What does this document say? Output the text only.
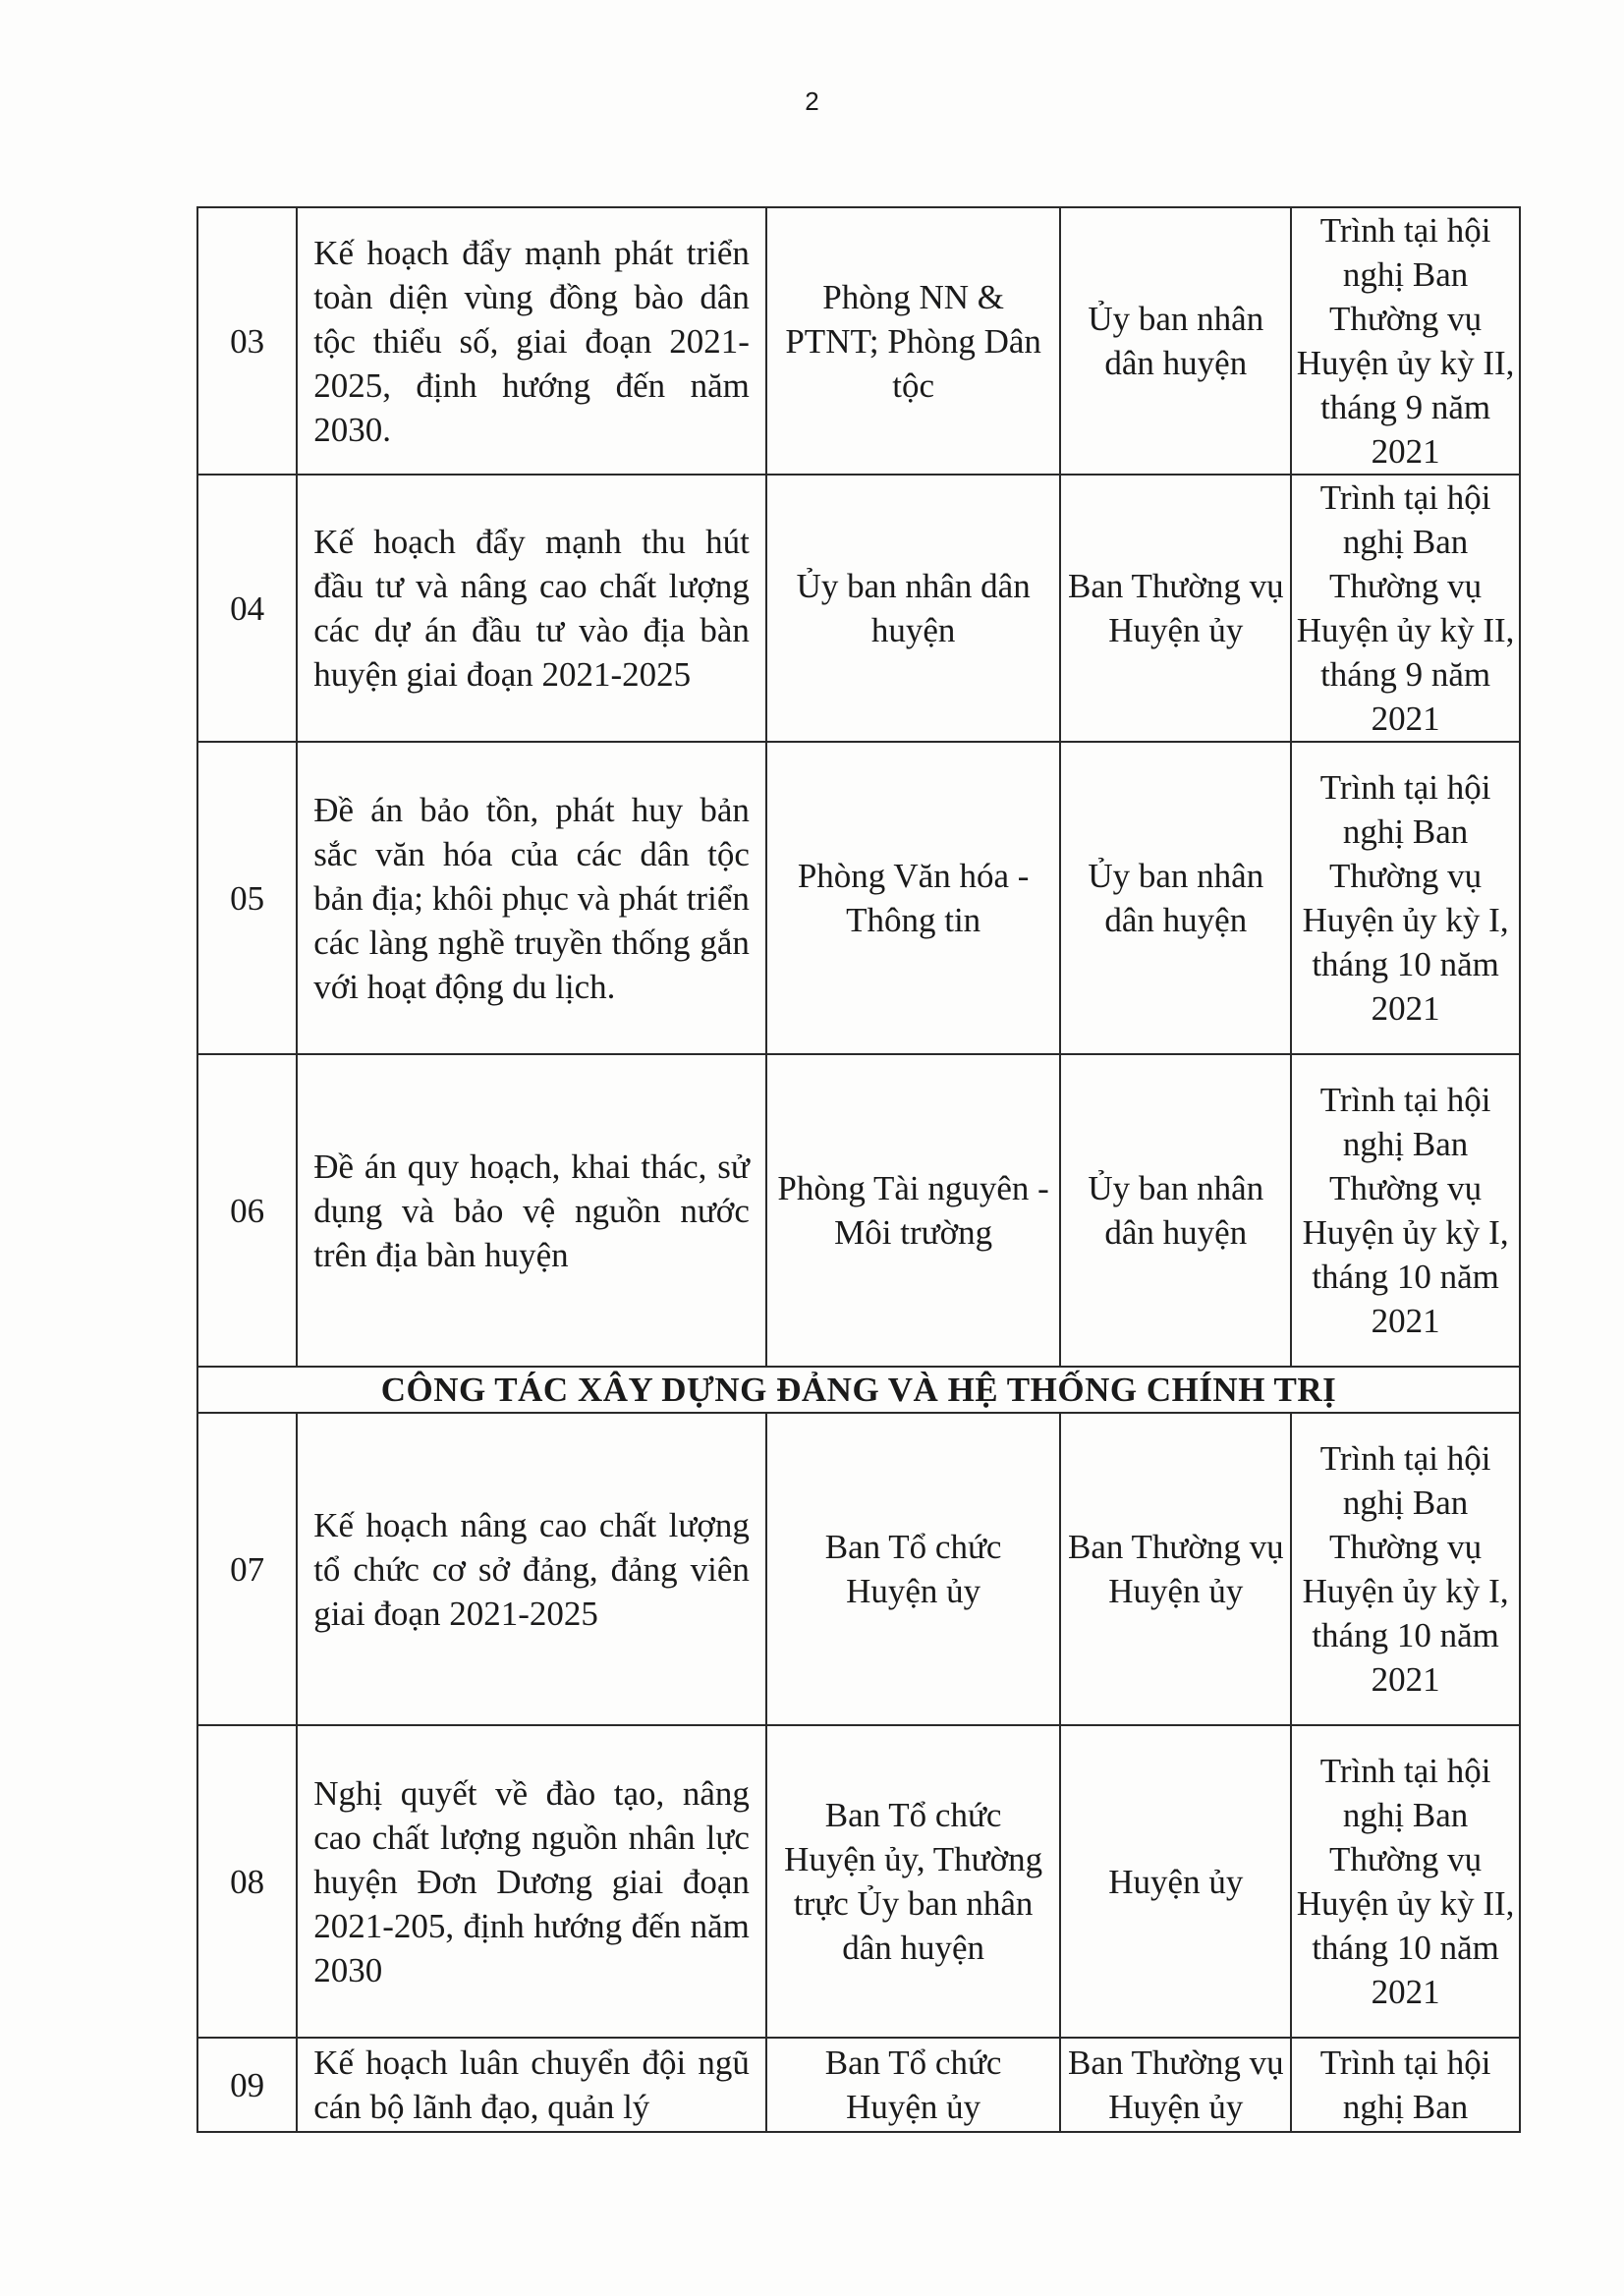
2
03	Kế hoạch đẩy mạnh phát triển toàn diện vùng đồng bào dân tộc thiểu số, giai đoạn 2021-2025, định hướng đến năm 2030.	Phòng NN & PTNT; Phòng Dân tộc	Ủy ban nhân dân huyện	Trình tại hội nghị Ban Thường vụ Huyện ủy kỳ II, tháng 9 năm 2021
04	Kế hoạch đẩy mạnh thu hút đầu tư và nâng cao chất lượng các dự án đầu tư vào địa bàn huyện giai đoạn 2021-2025	Ủy ban nhân dân huyện	Ban Thường vụ Huyện ủy	Trình tại hội nghị Ban Thường vụ Huyện ủy kỳ II, tháng 9 năm 2021
05	Đề án bảo tồn, phát huy bản sắc văn hóa của các dân tộc bản địa; khôi phục và phát triển các làng nghề truyền thống gắn với hoạt động du lịch.	Phòng Văn hóa - Thông tin	Ủy ban nhân dân huyện	Trình tại hội nghị Ban Thường vụ Huyện ủy kỳ I, tháng 10 năm 2021
06	Đề án quy hoạch, khai thác, sử dụng và bảo vệ nguồn nước trên địa bàn huyện	Phòng Tài nguyên - Môi trường	Ủy ban nhân dân huyện	Trình tại hội nghị Ban Thường vụ Huyện ủy kỳ I, tháng 10 năm 2021
CÔNG TÁC XÂY DỰNG ĐẢNG VÀ HỆ THỐNG CHÍNH TRỊ				
07	Kế hoạch nâng cao chất lượng tổ chức cơ sở đảng, đảng viên giai đoạn 2021-2025	Ban Tổ chức Huyện ủy	Ban Thường vụ Huyện ủy	Trình tại hội nghị Ban Thường vụ Huyện ủy kỳ I, tháng 10 năm 2021
08	Nghị quyết về đào tạo, nâng cao chất lượng nguồn nhân lực huyện Đơn Dương giai đoạn 2021-205, định hướng đến năm 2030	Ban Tổ chức Huyện ủy, Thường trực Ủy ban nhân dân huyện	Huyện ủy	Trình tại hội nghị Ban Thường vụ Huyện ủy kỳ II, tháng 10 năm 2021
09	Kế hoạch luân chuyển đội ngũ cán bộ lãnh đạo, quản lý	Ban Tổ chức Huyện ủy	Ban Thường vụ Huyện ủy	Trình tại hội nghị Ban
